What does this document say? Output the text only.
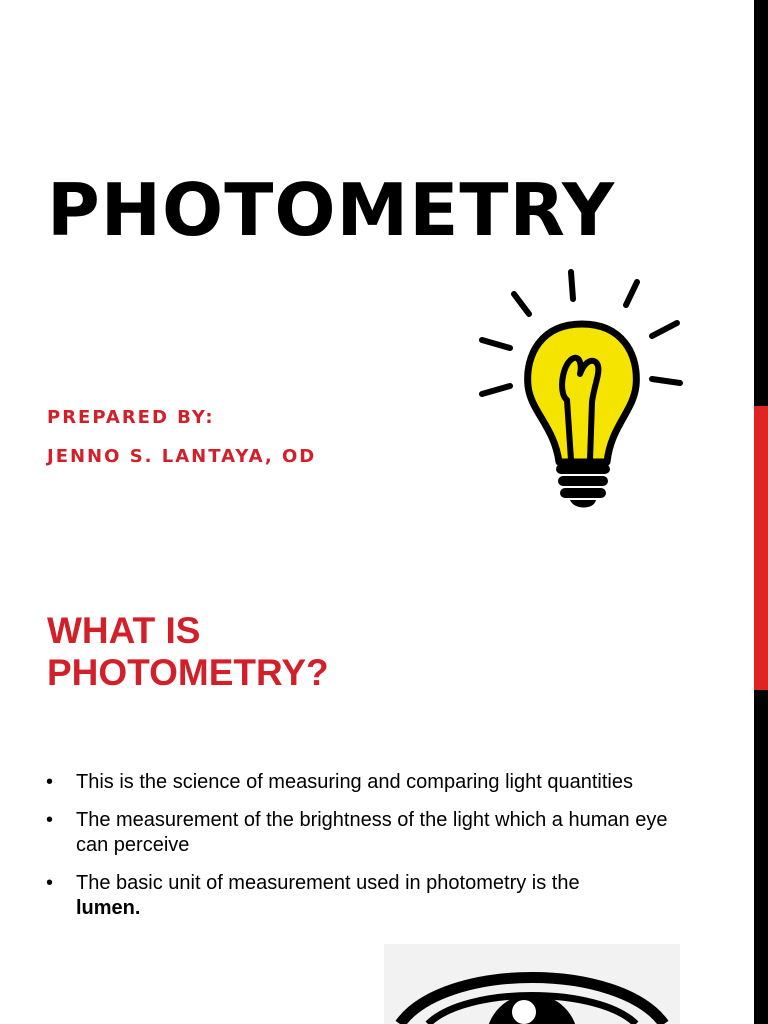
PHOTOMETRY

PREPARED BY:

JENNO S. LANTAYA, OD

WHAT IS
PHOTOMETRY?
• This is the science of measuring and comparing light quantities
• The measurement of the brightness of the light which a human eye can perceive
• The basic unit of measurement used in photometry is the
lumen.
